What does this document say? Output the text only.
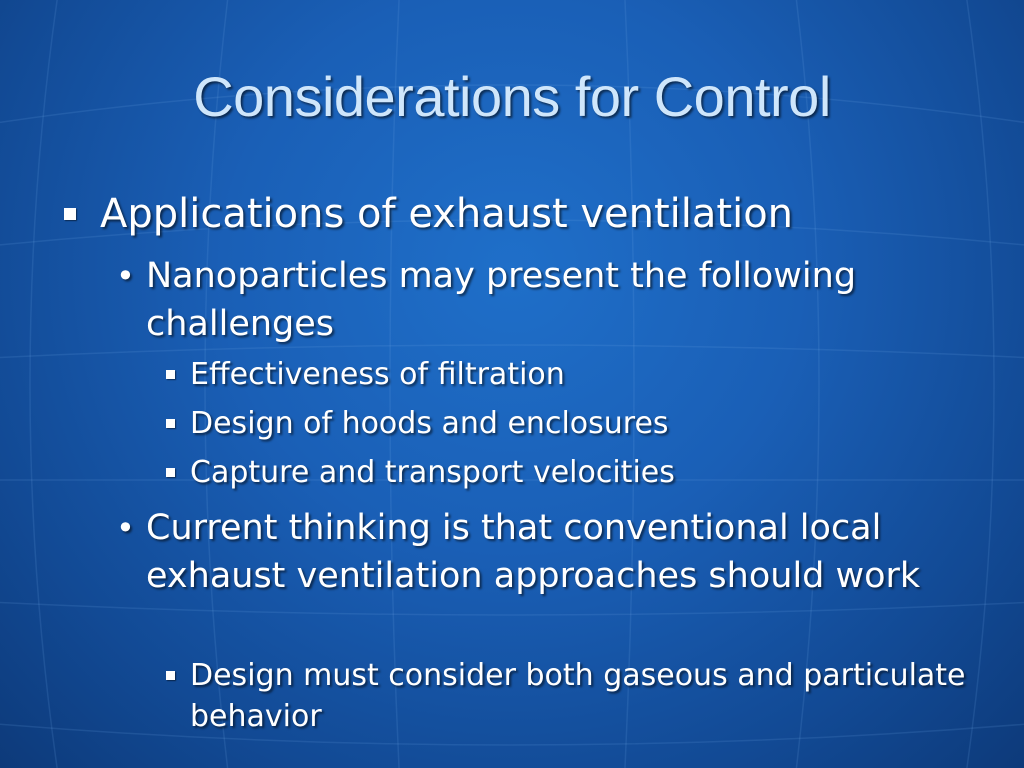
Considerations for Control
Applications of exhaust ventilation
• Nanoparticles may present the following challenges
Effectiveness of filtration
Design of hoods and enclosures
Capture and transport velocities
• Current thinking is that conventional local exhaust ventilation approaches should work
Design must consider both gaseous and particulate behavior
